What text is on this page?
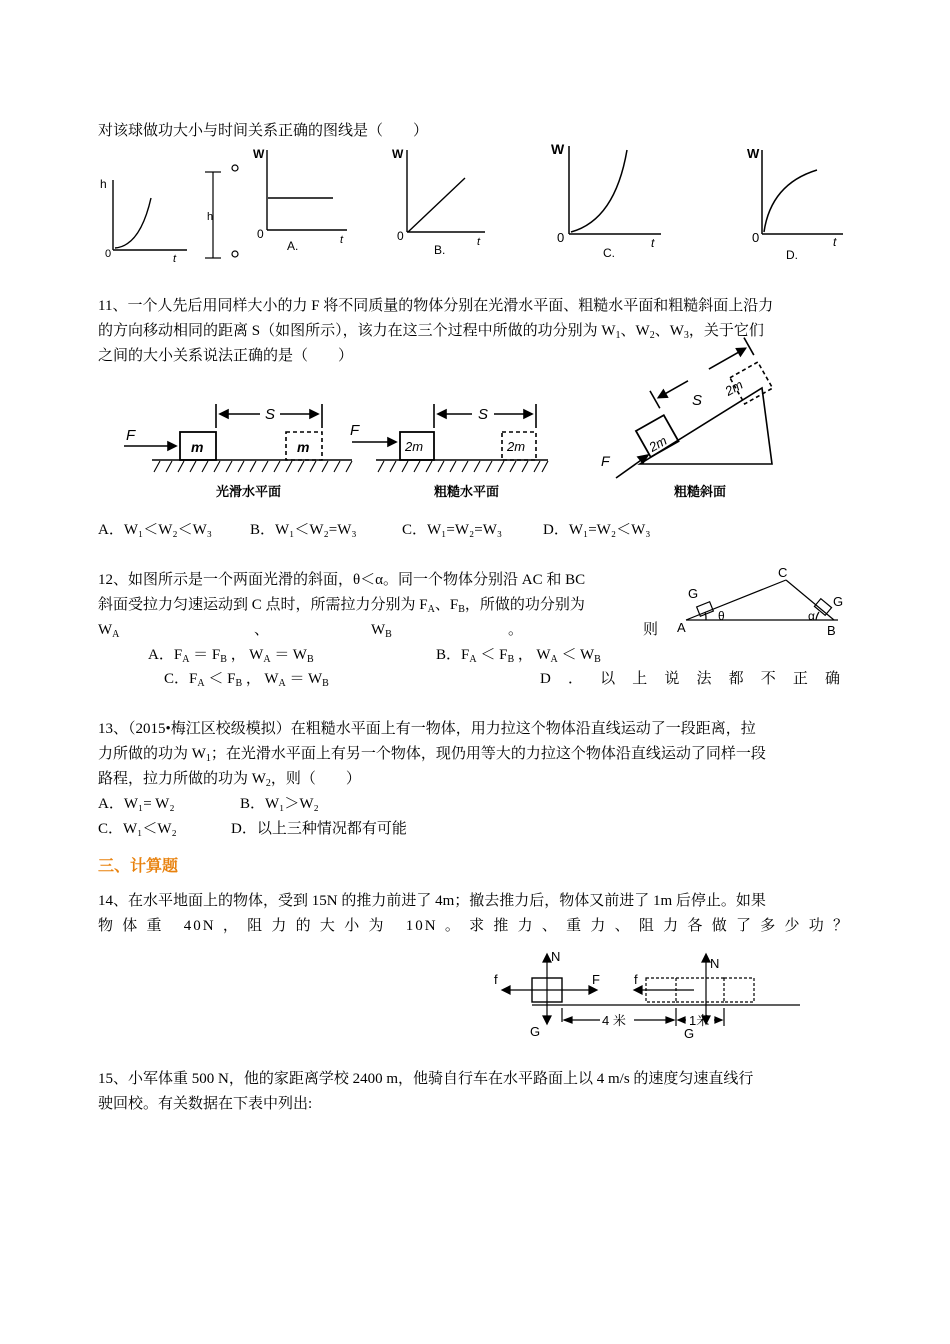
对该球做功大小与时间关系正确的图线是（　　）
h
0	t
h
W
0	t
A.
W
0	t
B.
W
0	t
C.
W
0	t
D.
11、一个人先后用同样大小的力 F 将不同质量的物体分别在光滑水平面、粗糙水平面和粗糙斜面上沿力
的方向移动相同的距离 S（如图所示），该力在这三个过程中所做的功分别为 $W_1$、$W_2$、$W_3$，关于它们
之间的大小关系说法正确的是（　　）
F
m	m
S
光滑水平面
F
2m	2m
S
粗糙水平面
F
2m
2m
S
粗糙斜面
A．W₁＜W₂＜W₃	B．W₁＜W₂=W₃	C．W₁=W₂=W₃	D．W₁=W₂＜W₃
12、如图所示是一个两面光滑的斜面，θ＜α。同一个物体分别沿 AC 和 BC
斜面受拉力匀速运动到 C 点时，所需拉力分别为 $F_A$、$F_B$，所做的功分别为
$W_A$	、	$W_B$	。	则
A．$F_A = F_B$ ， $W_A = W_B$	B．$F_A < F_B$ ， $W_A < W_B$
C．$F_A < F_B$ ， $W_A = W_B$	D．以上说法都不正确
A	B
C
G
G
θ	α
13、（2015•梅江区校级模拟）在粗糙水平面上有一物体，用力拉这个物体沿直线运动了一段距离，拉
力所做的功为 $W_1$；在光滑水平面上有另一个物体，现仍用等大的力拉这个物体沿直线运动了同样一段
路程，拉力所做的功为 $W_2$，则（　　）
A．W₁= W₂	B．W₁＞W₂
C．W₁＜W₂	D．以上三种情况都有可能
三、计算题
14、在水平地面上的物体，受到 15N 的推力前进了 4m；撤去推力后，物体又前进了 1m 后停止。如果
物体重 40N，阻力的大小为 10N。求推力、重力、阻力各做了多少功？
N
f	F
G
f
N
G
4 米	1米
15、小军体重 500 N，他的家距离学校 2400 m，他骑自行车在水平路面上以 4 m/s 的速度匀速直线行
驶回校。有关数据在下表中列出:
